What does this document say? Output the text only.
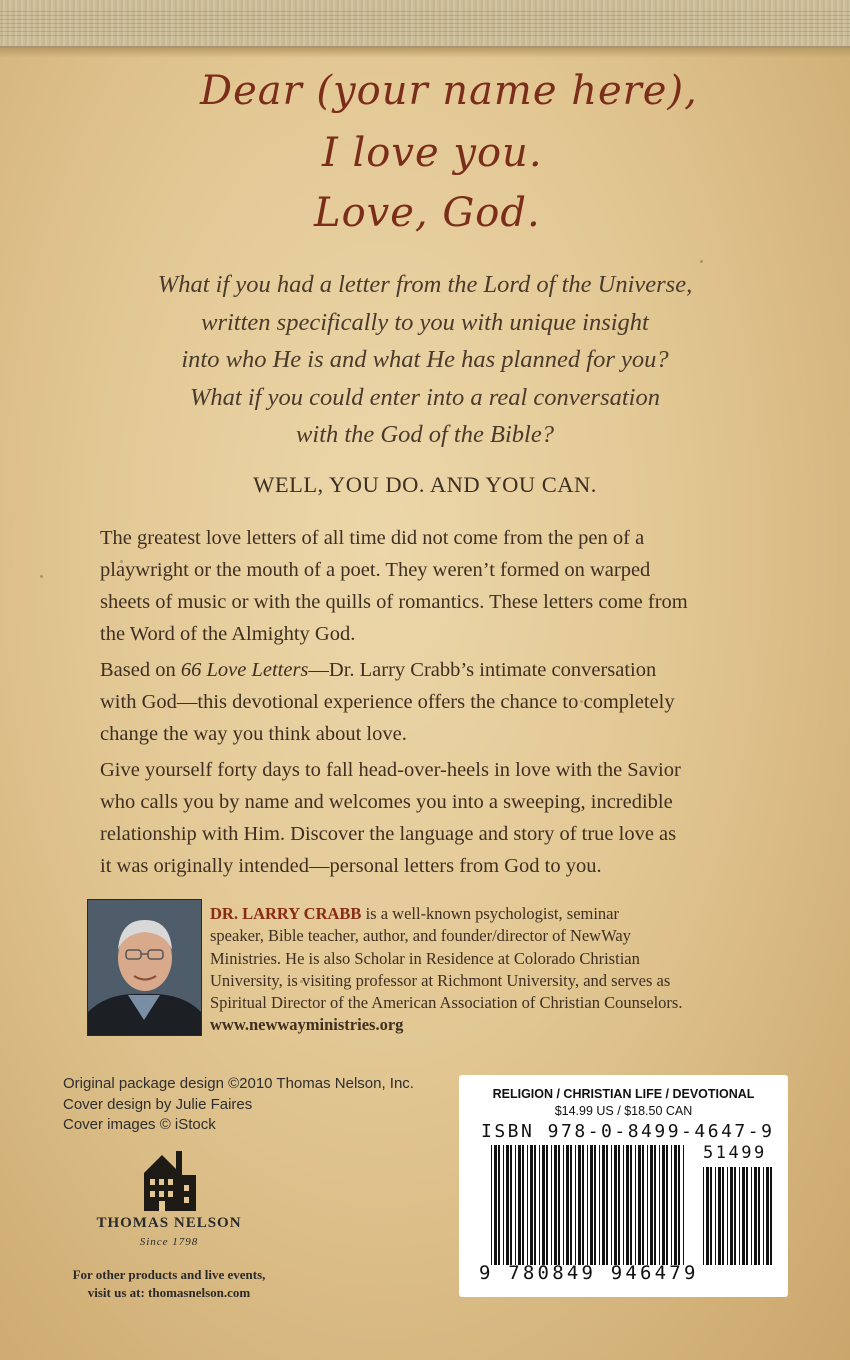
Dear (your name here),
I love you.
Love, God.
What if you had a letter from the Lord of the Universe,
written specifically to you with unique insight
into who He is and what He has planned for you?
What if you could enter into a real conversation
with the God of the Bible?
WELL, YOU DO. AND YOU CAN.
The greatest love letters of all time did not come from the pen of a
playwright or the mouth of a poet. They weren’t formed on warped
sheets of music or with the quills of romantics. These letters come from
the Word of the Almighty God.
Based on 66 Love Letters—Dr. Larry Crabb’s intimate conversation
with God—this devotional experience offers the chance to completely
change the way you think about love.
Give yourself forty days to fall head-over-heels in love with the Savior
who calls you by name and welcomes you into a sweeping, incredible
relationship with Him. Discover the language and story of true love as
it was originally intended—personal letters from God to you.
DR. LARRY CRABB is a well-known psychologist, seminar
speaker, Bible teacher, author, and founder/director of NewWay
Ministries. He is also Scholar in Residence at Colorado Christian
University, is visiting professor at Richmont University, and serves as
Spiritual Director of the American Association of Christian Counselors.
www.newwayministries.org
Original package design ©2010 Thomas Nelson, Inc.
Cover design by Julie Faires
Cover images © iStock
THOMAS NELSON
Since 1798
For other products and live events,
visit us at: thomasnelson.com
RELIGION / CHRISTIAN LIFE / DEVOTIONAL
$14.99 US / $18.50 CAN
ISBN 978-0-8499-4647-9
51499
9 780849 946479
